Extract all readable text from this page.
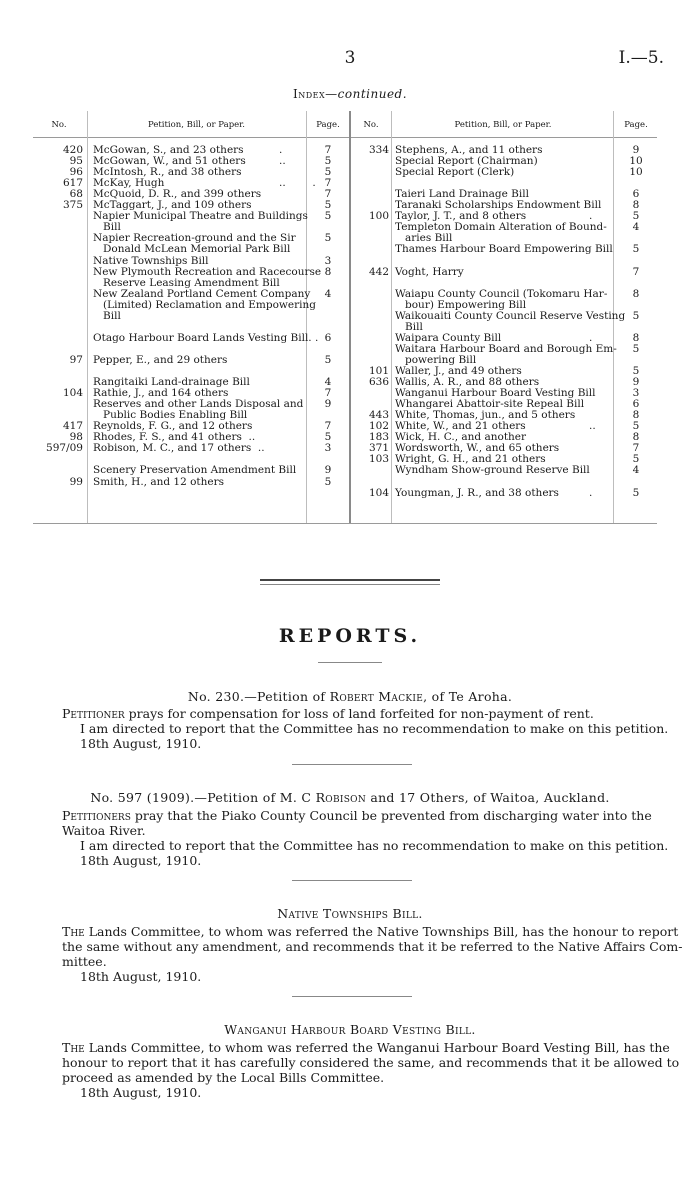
3	I.—5.
Index—continued.
No.	Petition, Bill, or Paper.	Page.	No.	Petition, Bill, or Paper.	Page.
420 McGowan, S., and 23 others	.	7
95 McGowan, W., and 51 others	..	5
96 McIntosh, R., and 38 others	5
617 McKay, Hugh	..        . 7
68 McQuoid, D. R., and 399 others	7
375 McTaggart, J., and 109 others	5
Napier Municipal Theatre and Buildings	5
Bill
Napier Recreation-ground and the Sir	5
Donald McLean Memorial Park Bill
Native Townships Bill	3
New Plymouth Recreation and Racecourse 8
Reserve Leasing Amendment Bill
New Zealand Portland Cement Company	4
(Limited) Reclamation and Empowering
Bill
Otago Harbour Board Lands Vesting Bill. . 6
97 Pepper, E., and 29 others	5
Rangitaiki Land-drainage Bill	4
104 Rathie, J., and 164 others	7
Reserves and other Lands Disposal and	9
Public Bodies Enabling Bill
417 Reynolds, F. G., and 12 others	7
98 Rhodes, F. S., and 41 others  ..	5
597/09 Robison, M. C., and 17 others  ..	3
Scenery Preservation Amendment Bill	9
99 Smith, H., and 12 others	5
334 Stephens, A., and 11 others	9
Special Report (Chairman)	10
Special Report (Clerk)	10
Taieri Land Drainage Bill	6
Taranaki Scholarships Endowment Bill	8
100 Taylor, J. T., and 8 others	.	5
Templeton Domain Alteration of Bound-	4
aries Bill
Thames Harbour Board Empowering Bill	5
442 Voght, Harry	7
Waiapu County Council (Tokomaru Har-	8
bour) Empowering Bill
Waikouaiti County Council Reserve Vesting 5
Bill
Waipara County Bill	.	8
Waitara Harbour Board and Borough Em-	5
powering Bill
101 Waller, J., and 49 others	5
636 Wallis, A. R., and 88 others	9
Wanganui Harbour Board Vesting Bill	3
Whangarei Abattoir-site Repeal Bill	6
443 White, Thomas, jun., and 5 others	8
102 White, W., and 21 others	..	5
183 Wick, H. C., and another	8
371 Wordsworth, W., and 65 others	7
103 Wright, G. H., and 21 others	5
Wyndham Show-ground Reserve Bill	4
104 Youngman, J. R., and 38 others	.	5
REPORTS.
No. 230.—Petition of Robert Mackie, of Te Aroha.
Petitioner prays for compensation for loss of land forfeited for non-payment of rent.
I am directed to report that the Committee has no recommendation to make on this petition.
18th August, 1910.
No. 597 (1909).—Petition of M. C Robison and 17 Others, of Waitoa, Auckland.
Petitioners pray that the Piako County Council be prevented from discharging water into the
Waitoa River.
I am directed to report that the Committee has no recommendation to make on this petition.
18th August, 1910.
Native Townships Bill.
The Lands Committee, to whom was referred the Native Townships Bill, has the honour to report
the same without any amendment, and recommends that it be referred to the Native Affairs Com-
mittee.
18th August, 1910.
Wanganui Harbour Board Vesting Bill.
The Lands Committee, to whom was referred the Wanganui Harbour Board Vesting Bill, has the
honour to report that it has carefully considered the same, and recommends that it be allowed to
proceed as amended by the Local Bills Committee.
18th August, 1910.
